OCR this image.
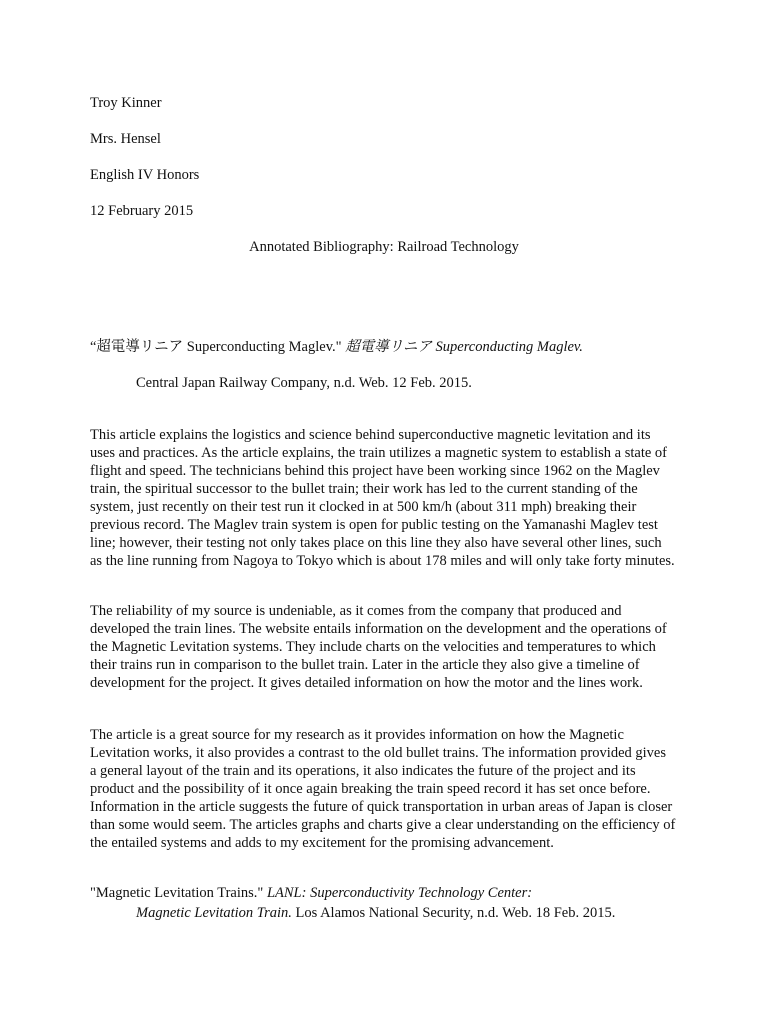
Troy Kinner
Mrs. Hensel
English IV Honors
12 February 2015
Annotated Bibliography: Railroad Technology
“超電導リニア Superconducting Maglev." 超電導リニア Superconducting Maglev.
Central Japan Railway Company, n.d. Web. 12 Feb. 2015.
This article explains the logistics and science behind superconductive magnetic levitation and its uses and practices. As the article explains, the train utilizes a magnetic system to establish a state of flight and speed. The technicians behind this project have been working since 1962 on the Maglev train, the spiritual successor to the bullet train; their work has led to the current standing of the system, just recently on their test run it clocked in at 500 km/h (about 311 mph) breaking their previous record. The Maglev train system is open for public testing on the Yamanashi Maglev test line; however, their testing not only takes place on this line they also have several other lines, such as the line running from Nagoya to Tokyo which is about 178 miles and will only take forty minutes.
The reliability of my source is undeniable, as it comes from the company that produced and developed the train lines. The website entails information on the development and the operations of the Magnetic Levitation systems. They include charts on the velocities and temperatures to which their trains run in comparison to the bullet train. Later in the article they also give a timeline of development for the project. It gives detailed information on how the motor and the lines work.
The article is a great source for my research as it provides information on how the Magnetic Levitation works, it also provides a contrast to the old bullet trains. The information provided gives a general layout of the train and its operations, it also indicates the future of the project and its product and the possibility of it once again breaking the train speed record it has set once before. Information in the article suggests the future of quick transportation in urban areas of Japan is closer than some would seem. The articles graphs and charts give a clear understanding on the efficiency of the entailed systems and adds to my excitement for the promising advancement.
"Magnetic Levitation Trains." LANL: Superconductivity Technology Center:
Magnetic Levitation Train. Los Alamos National Security, n.d. Web. 18 Feb. 2015.
